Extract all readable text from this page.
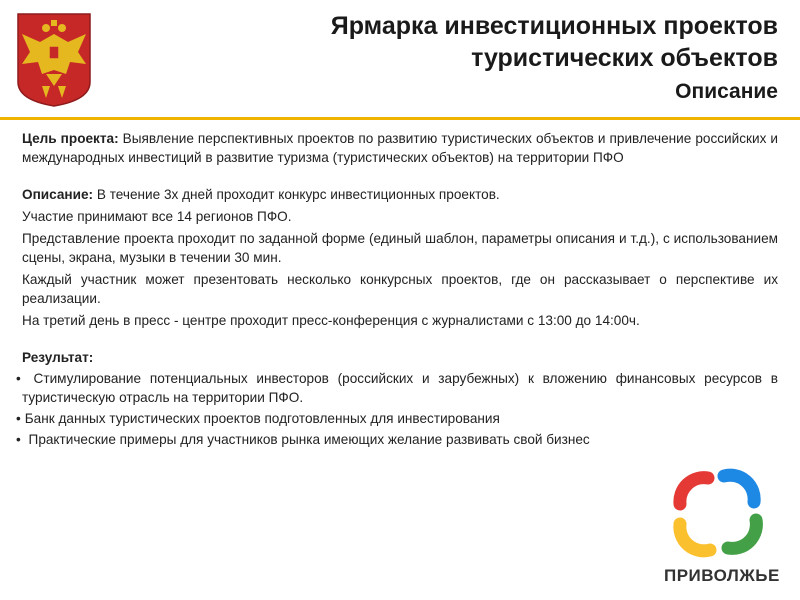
Ярмарка инвестиционных проектов
туристических объектов
Описание

Цель проекта: Выявление перспективных проектов по развитию туристических объектов и привлечение российских и международных инвестиций в развитие туризма (туристических объектов) на территории ПФО

Описание: В течение 3х дней проходит конкурс инвестиционных проектов.

Участие принимают все 14 регионов ПФО.

Представление проекта проходит по заданной форме (единый шаблон, параметры описания и т.д.), с использованием сцены, экрана, музыки в течении 30 мин.

Каждый участник может презентовать несколько конкурсных проектов, где он рассказывает о перспективе их реализации.

На третий день в пресс - центре проходит пресс-конференция с журналистами с 13:00 до 14:00ч.

Результат:

• Стимулирование потенциальных инвесторов (российских и зарубежных) к вложению финансовых ресурсов в туристическую отрасль на территории ПФО.
• Банк данных туристических проектов подготовленных для инвестирования
• Практические примеры для участников рынка имеющих желание развивать свой бизнес
ПРИВОЛЖЬЕ
